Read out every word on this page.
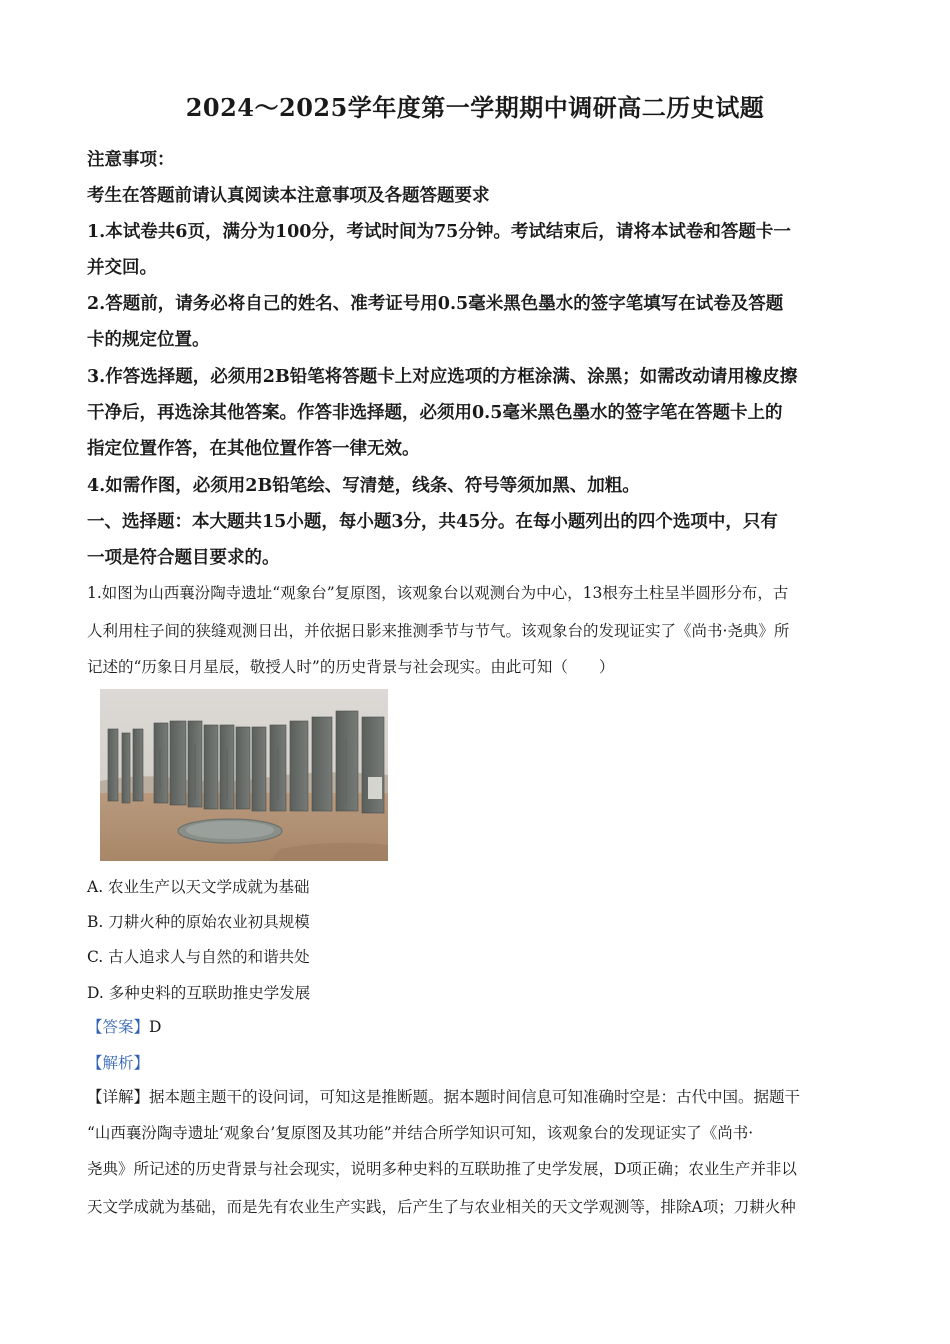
2024～2025学年度第一学期期中调研高二历史试题
注意事项：
考生在答题前请认真阅读本注意事项及各题答题要求
1.本试卷共6页，满分为100分，考试时间为75分钟。考试结束后，请将本试卷和答题卡一
并交回。
2.答题前，请务必将自己的姓名、准考证号用0.5毫米黑色墨水的签字笔填写在试卷及答题
卡的规定位置。
3.作答选择题，必须用2B铅笔将答题卡上对应选项的方框涂满、涂黑；如需改动请用橡皮擦
干净后，再选涂其他答案。作答非选择题，必须用0.5毫米黑色墨水的签字笔在答题卡上的
指定位置作答，在其他位置作答一律无效。
4.如需作图，必须用2B铅笔绘、写清楚，线条、符号等须加黑、加粗。
一、选择题：本大题共15小题，每小题3分，共45分。在每小题列出的四个选项中，只有
一项是符合题目要求的。
1.如图为山西襄汾陶寺遗址“观象台”复原图，该观象台以观测台为中心，13根夯土柱呈半圆形分布，古
人利用柱子间的狭缝观测日出，并依据日影来推测季节与节气。该观象台的发现证实了《尚书·尧典》所
记述的“历象日月星辰，敬授人时”的历史背景与社会现实。由此可知（　　）
A. 农业生产以天文学成就为基础
B. 刀耕火种的原始农业初具规模
C. 古人追求人与自然的和谐共处
D. 多种史料的互联助推史学发展
【答案】D
【解析】
【详解】据本题主题干的设问词，可知这是推断题。据本题时间信息可知准确时空是：古代中国。据题干
“山西襄汾陶寺遗址‘观象台’复原图及其功能”并结合所学知识可知，该观象台的发现证实了《尚书·
尧典》所记述的历史背景与社会现实，说明多种史料的互联助推了史学发展，D项正确；农业生产并非以
天文学成就为基础，而是先有农业生产实践，后产生了与农业相关的天文学观测等，排除A项；刀耕火种
